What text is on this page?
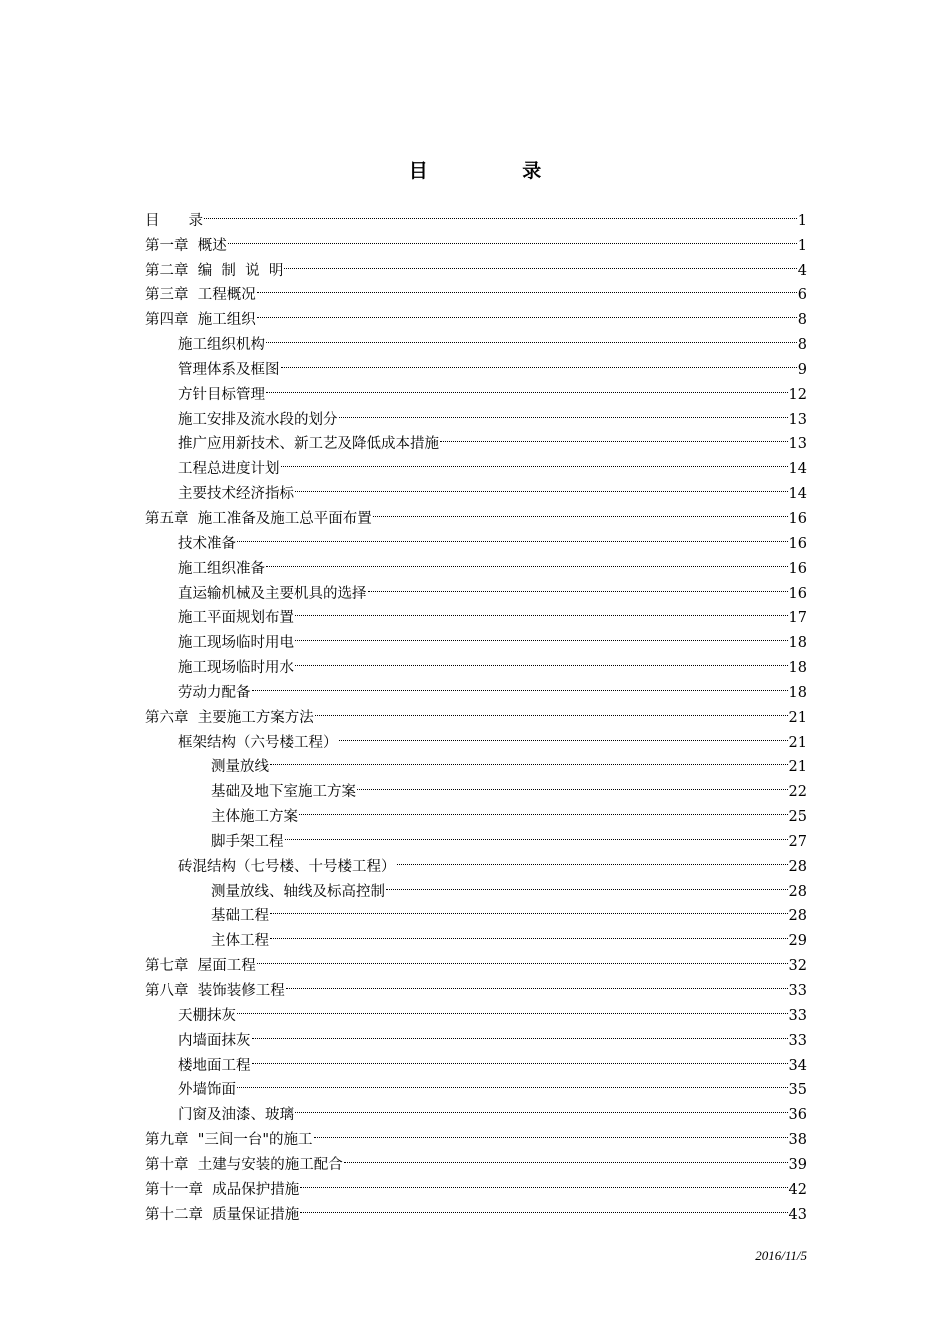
目 录
目　　录	1
第一章  概述	1
第二章  编  制  说  明	4
第三章  工程概况	6
第四章  施工组织	8
施工组织机构	8
管理体系及框图	9
方针目标管理	12
施工安排及流水段的划分	13
推广应用新技术、新工艺及降低成本措施	13
工程总进度计划	14
主要技术经济指标	14
第五章  施工准备及施工总平面布置	16
技术准备	16
施工组织准备	16
直运输机械及主要机具的选择	16
施工平面规划布置	17
施工现场临时用电	18
施工现场临时用水	18
劳动力配备	18
第六章  主要施工方案方法	21
框架结构（六号楼工程）	21
测量放线	21
基础及地下室施工方案	22
主体施工方案	25
脚手架工程	27
砖混结构（七号楼、十号楼工程）	28
测量放线、轴线及标高控制	28
基础工程	28
主体工程	29
第七章  屋面工程	32
第八章  装饰装修工程	33
天棚抹灰	33
内墙面抹灰	33
楼地面工程	34
外墙饰面	35
门窗及油漆、玻璃	36
第九章  "三间一台"的施工	38
第十章  土建与安装的施工配合	39
第十一章  成品保护措施	42
第十二章  质量保证措施	43
2016/11/5
